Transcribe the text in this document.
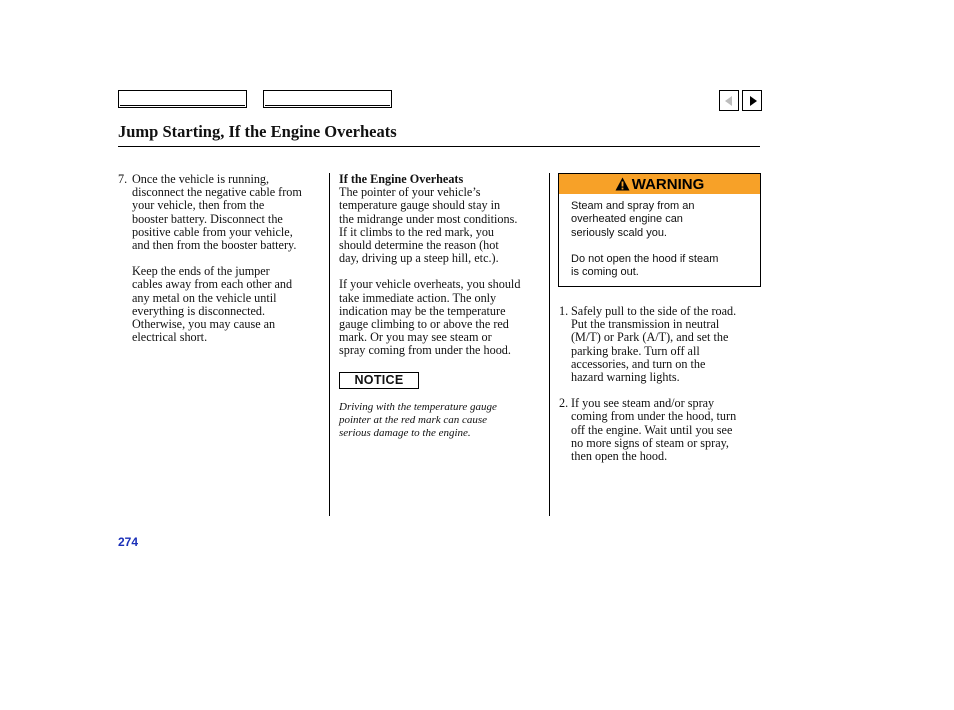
Jump Starting, If the Engine Overheats
7. Once the vehicle is running,
disconnect the negative cable from
your vehicle, then from the
booster battery. Disconnect the
positive cable from your vehicle,
and then from the booster battery.
Keep the ends of the jumper
cables away from each other and
any metal on the vehicle until
everything is disconnected.
Otherwise, you may cause an
electrical short.
If the Engine Overheats
The pointer of your vehicle’s
temperature gauge should stay in
the midrange under most conditions.
If it climbs to the red mark, you
should determine the reason (hot
day, driving up a steep hill, etc.).
If your vehicle overheats, you should
take immediate action. The only
indication may be the temperature
gauge climbing to or above the red
mark. Or you may see steam or
spray coming from under the hood.
NOTICE
Driving with the temperature gauge
pointer at the red mark can cause
serious damage to the engine.
WARNING

Steam and spray from an

overheated engine can

seriously scald you.

Do not open the hood if steam

is coming out.

1. Safely pull to the side of the road.
Put the transmission in neutral
(M/T) or Park (A/T), and set the
parking brake. Turn off all
accessories, and turn on the
hazard warning lights.
2. If you see steam and/or spray
coming from under the hood, turn
off the engine. Wait until you see
no more signs of steam or spray,
then open the hood.
274
